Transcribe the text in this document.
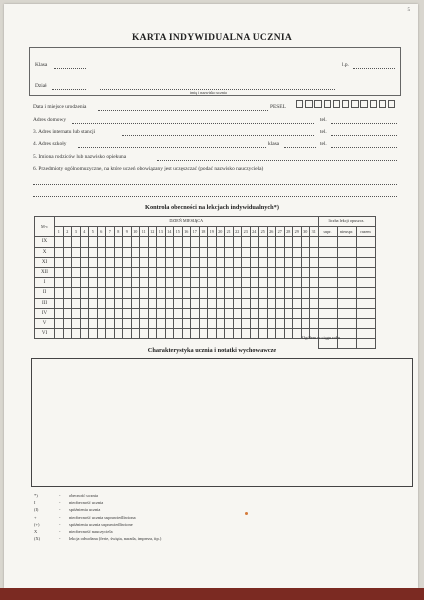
5
KARTA INDYWIDUALNA UCZNIA
Klasa	l.p.
Dział
imię i nazwisko ucznia
Data i miejsce urodzenia	PESEL
Adres domowy	tel.
3. Adres internatu lub stancji	tel.
4. Adres szkoły	klasa	tel.
5. Imiona rodziców lub nazwisko opiekuna
6. Przedmioty ogólnomuzyczne, na które uczeń obowiązany jest uczęszczać (podać nazwisko nauczyciela)
Kontrola obecności na lekcjach indywidualnych*)
M-c	DZIEŃ MIESIĄCA																															liczba lekcji opuszcz.		
	1	2	3	4	5	6	7	8	9	10	11	12	13	14	15	16	17	18	19	20	21	22	23	24	25	26	27	28	29	30	31	uspr.	nieuspr.	razem
IX																																		
X																																		
XI																																		
XII																																		
I																																		
II																																		
III																																		
IV																																		
V																																		
VI																																		

Ogółem w ciągu roku
Charakterystyka ucznia i notatki wychowawcze
*)	-	obecność ucznia
I	-	nieobecność ucznia
(I)	-	spóźnienia ucznia
+	-	nieobecność ucznia usprawiedliwiona
(+)	-	spóźnienia ucznia usprawiedliwione
X	-	nieobecność nauczyciela
(X)	-	lekcja odwołana (ferie, święta, narada, impreza, itp.)
